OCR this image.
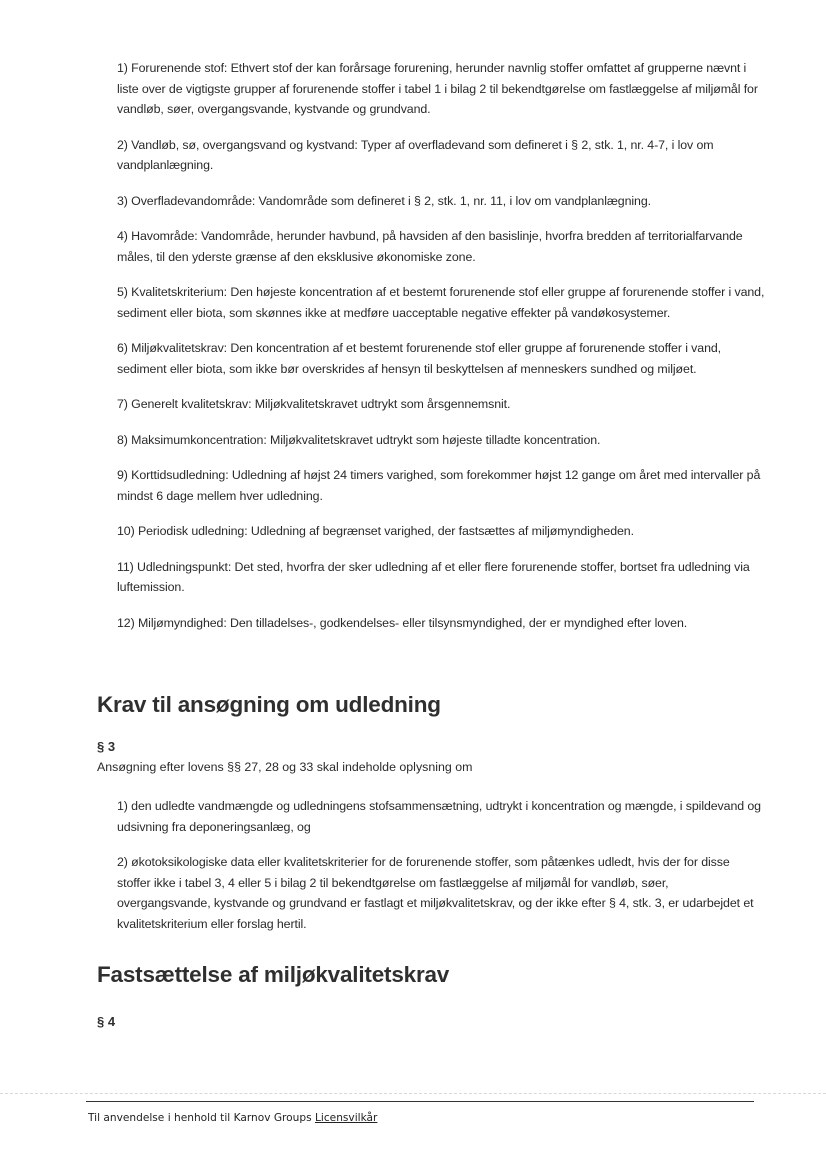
1) Forurenende stof: Ethvert stof der kan forårsage forurening, herunder navnlig stoffer omfattet af grupperne nævnt i liste over de vigtigste grupper af forurenende stoffer i tabel 1 i bilag 2 til bekendtgørelse om fastlæggelse af miljømål for vandløb, søer, overgangsvande, kystvande og grundvand.

2) Vandløb, sø, overgangsvand og kystvand: Typer af overfladevand som defineret i § 2, stk. 1, nr. 4-7, i lov om vandplanlægning.

3) Overfladevandområde: Vandområde som defineret i § 2, stk. 1, nr. 11, i lov om vandplanlægning.

4) Havområde: Vandområde, herunder havbund, på havsiden af den basislinje, hvorfra bredden af territorialfarvande måles, til den yderste grænse af den eksklusive økonomiske zone.

5) Kvalitetskriterium: Den højeste koncentration af et bestemt forurenende stof eller gruppe af forurenende stoffer i vand, sediment eller biota, som skønnes ikke at medføre uacceptable negative effekter på vandøkosystemer.

6) Miljøkvalitetskrav: Den koncentration af et bestemt forurenende stof eller gruppe af forurenende stoffer i vand, sediment eller biota, som ikke bør overskrides af hensyn til beskyttelsen af menneskers sundhed og miljøet.

7) Generelt kvalitetskrav: Miljøkvalitetskravet udtrykt som årsgennemsnit.

8) Maksimumkoncentration: Miljøkvalitetskravet udtrykt som højeste tilladte koncentration.

9) Korttidsudledning: Udledning af højst 24 timers varighed, som forekommer højst 12 gange om året med intervaller på mindst 6 dage mellem hver udledning.

10) Periodisk udledning: Udledning af begrænset varighed, der fastsættes af miljømyndigheden.

11) Udledningspunkt: Det sted, hvorfra der sker udledning af et eller flere forurenende stoffer, bortset fra udledning via luftemission.

12) Miljømyndighed: Den tilladelses-, godkendelses- eller tilsynsmyndighed, der er myndighed efter loven.

Krav til ansøgning om udledning
§ 3
Ansøgning efter lovens §§ 27, 28 og 33 skal indeholde oplysning om

1) den udledte vandmængde og udledningens stofsammensætning, udtrykt i koncentration og mængde, i spildevand og udsivning fra deponeringsanlæg, og

2) økotoksikologiske data eller kvalitetskriterier for de forurenende stoffer, som påtænkes udledt, hvis der for disse stoffer ikke i tabel 3, 4 eller 5 i bilag 2 til bekendtgørelse om fastlæggelse af miljømål for vandløb, søer, overgangsvande, kystvande og grundvand er fastlagt et miljøkvalitetskrav, og der ikke efter § 4, stk. 3, er udarbejdet et kvalitetskriterium eller forslag hertil.

Fastsættelse af miljøkvalitetskrav
§ 4
Til anvendelse i henhold til Karnov Groups Licensvilkår
